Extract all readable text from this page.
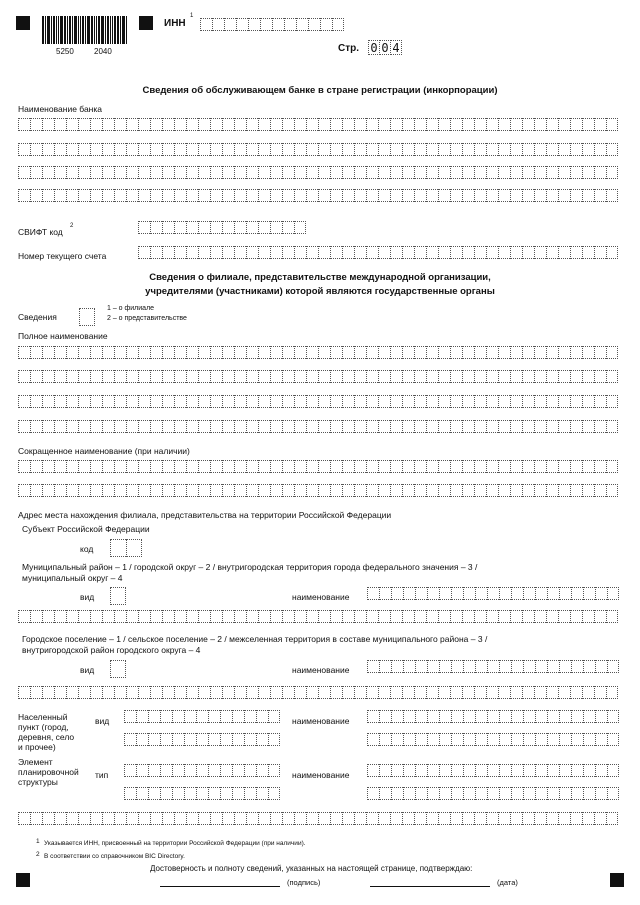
5250	2040
ИНН
1
Стр. 0 0 4
Сведения об обслуживающем банке в стране регистрации (инкорпорации)
Наименование банка
СВИФТ код
2
Номер текущего счета
Сведения о филиале, представительстве международной организации,
учредителями (участниками) которой являются государственные органы
Сведения
1 – о филиале
2 – о представительстве
Полное наименование
Сокращенное наименование (при наличии)
Адрес места нахождения филиала, представительства на территории Российской Федерации
Субъект Российской Федерации
код
Муниципальный район – 1 / городской округ – 2 / внутригородская территория города федерального значения – 3 /
муниципальный округ – 4
вид	наименование
Городское поселение – 1 / сельское поселение – 2 / межселенная территория в составе муниципального района – 3 /
внутригородской район городского округа – 4
вид	наименование
Населенный
пункт (город,
деревня, село
и прочее)
вид	наименование
Элемент
планировочной
структуры
тип	наименование
1 Указывается ИНН, присвоенный на территории Российской Федерации (при наличии).
2 В соответствии со справочником BIC Directory.
Достоверность и полноту сведений, указанных на настоящей странице, подтверждаю:
(подпись)	(дата)
